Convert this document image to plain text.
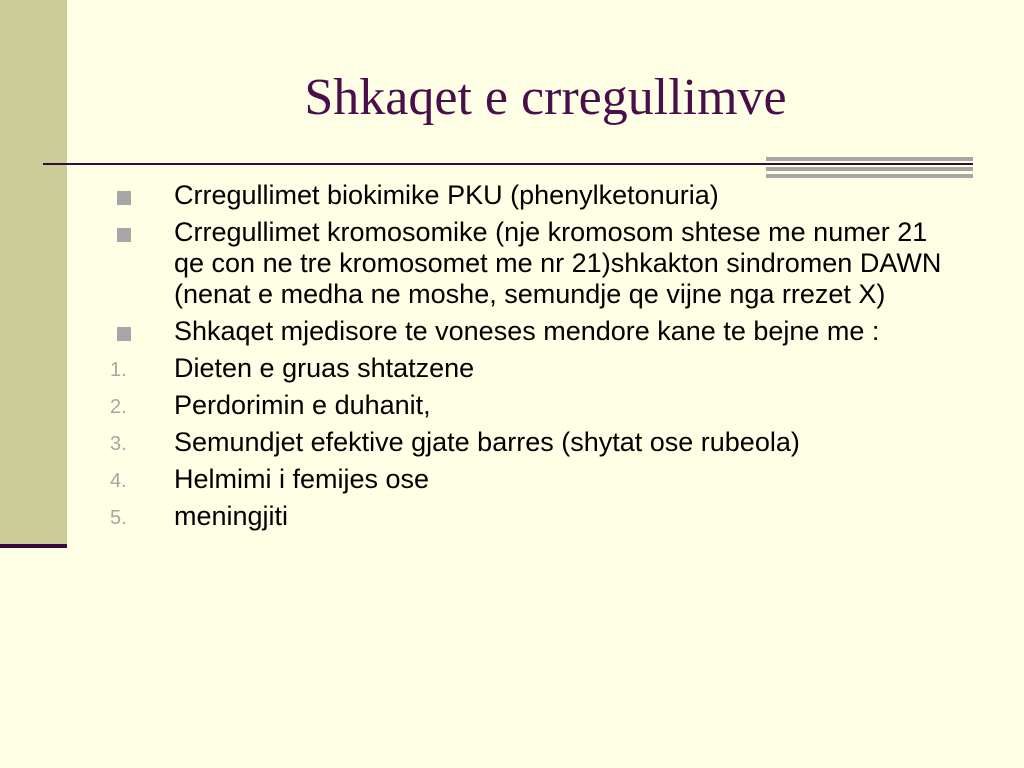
Shkaqet e crregullimve
Crregullimet biokimike PKU (phenylketonuria)
Crregullimet kromosomike (nje kromosom shtese me numer 21 qe con ne tre kromosomet me nr 21)shkakton sindromen DAWN (nenat e medha ne moshe, semundje qe vijne nga rrezet X)
Shkaqet mjedisore te voneses mendore kane te bejne me :
1. Dieten e gruas shtatzene
2. Perdorimin e duhanit,
3. Semundjet efektive gjate barres (shytat ose rubeola)
4. Helmimi i femijes ose
5. meningjiti
